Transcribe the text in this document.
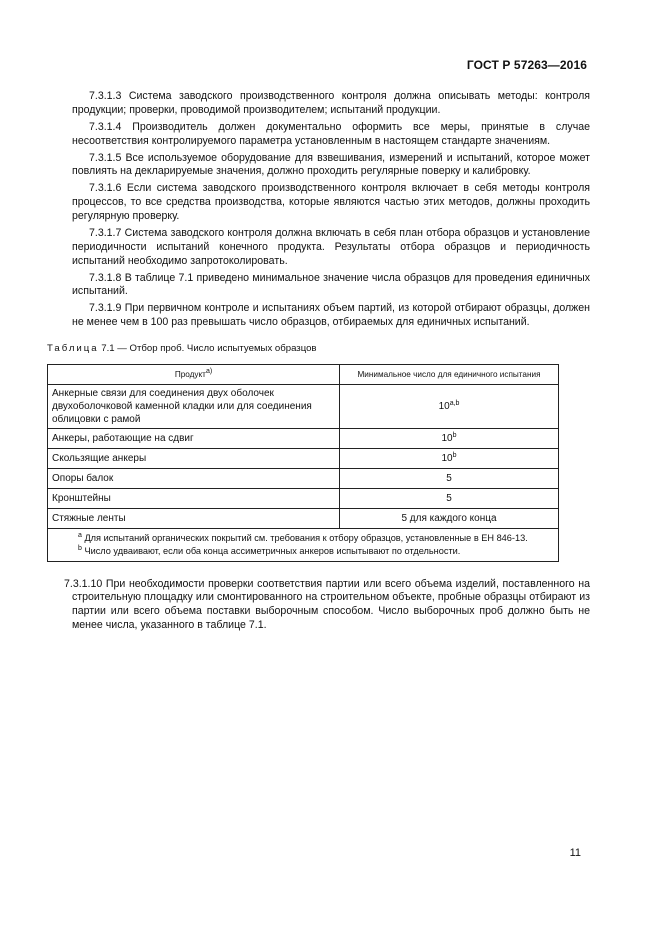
ГОСТ Р 57263—2016

7.3.1.3 Система заводского производственного контроля должна описывать методы: контроля продукции; проверки, проводимой производителем; испытаний продукции.

7.3.1.4 Производитель должен документально оформить все меры, принятые в случае несоответствия контролируемого параметра установленным в настоящем стандарте значениям.

7.3.1.5 Все используемое оборудование для взвешивания, измерений и испытаний, которое может повлиять на декларируемые значения, должно проходить регулярные поверку и калибровку.

7.3.1.6 Если система заводского производственного контроля включает в себя методы контроля процессов, то все средства производства, которые являются частью этих методов, должны проходить регулярную проверку.

7.3.1.7 Система заводского контроля должна включать в себя план отбора образцов и установление периодичности испытаний конечного продукта. Результаты отбора образцов и периодичность испытаний необходимо запротоколировать.

7.3.1.8 В таблице 7.1 приведено минимальное значение числа образцов для проведения единичных испытаний.

7.3.1.9 При первичном контроле и испытаниях объем партий, из которой отбирают образцы, должен не менее чем в 100 раз превышать число образцов, отбираемых для единичных испытаний.

Таблица 7.1 — Отбор проб. Число испытуемых образцов
Продукт$^{а)}$	Минимальное число для единичного испытания
Анкерные связи для соединения двух оболочек двухоболочковой каменной кладки или для соединения облицовки с рамой	10$^{a,b}$
Анкеры, работающие на сдвиг	10$^b$
Скользящие анкеры	10$^b$
Опоры балок	5
Кронштейны	5
Стяжные ленты	5 для каждого конца

$^а$ Для испытаний органических покрытий см. требования к отбору образцов, установленные в ЕН 846-13.
$^b$ Число удваивают, если оба конца ассиметричных анкеров испытывают по отдельности.	

7.3.1.10 При необходимости проверки соответствия партии или всего объема изделий, поставленного на строительную площадку или смонтированного на строительном объекте, пробные образцы отбирают из партии или всего объема поставки выборочным способом. Число выборочных проб должно быть не менее числа, указанного в таблице 7.1.

11
